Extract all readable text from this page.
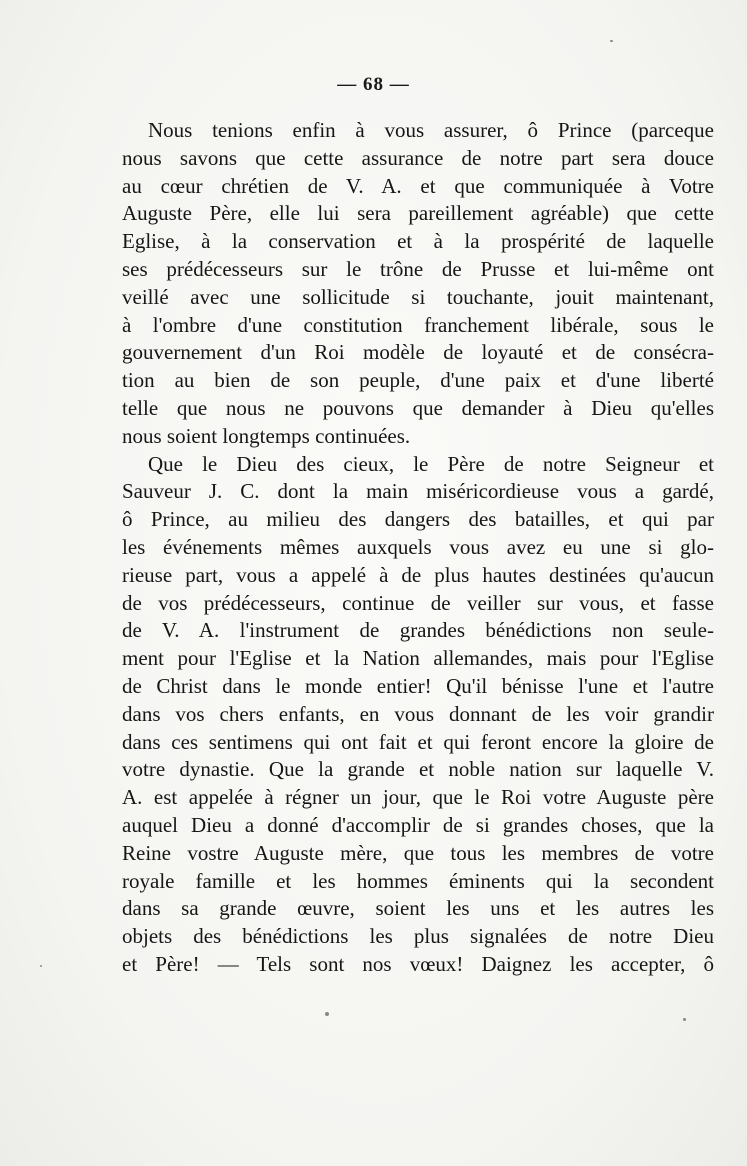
— 68 —
Nous tenions enfin à vous assurer, ô Prince (parceque
nous savons que cette assurance de notre part sera douce
au cœur chrétien de V. A. et que communiquée à Votre
Auguste Père, elle lui sera pareillement agréable) que cette
Eglise, à la conservation et à la prospérité de laquelle
ses prédécesseurs sur le trône de Prusse et lui-même ont
veillé avec une sollicitude si touchante, jouit maintenant,
à l'ombre d'une constitution franchement libérale, sous le
gouvernement d'un Roi modèle de loyauté et de consécra-
tion au bien de son peuple, d'une paix et d'une liberté
telle que nous ne pouvons que demander à Dieu qu'elles
nous soient longtemps continuées.
Que le Dieu des cieux, le Père de notre Seigneur et
Sauveur J. C. dont la main miséricordieuse vous a gardé,
ô Prince, au milieu des dangers des batailles, et qui par
les événements mêmes auxquels vous avez eu une si glo-
rieuse part, vous a appelé à de plus hautes destinées qu'aucun
de vos prédécesseurs, continue de veiller sur vous, et fasse
de V. A. l'instrument de grandes bénédictions non seule-
ment pour l'Eglise et la Nation allemandes, mais pour l'Eglise
de Christ dans le monde entier! Qu'il bénisse l'une et l'autre
dans vos chers enfants, en vous donnant de les voir grandir
dans ces sentimens qui ont fait et qui feront encore la gloire de
votre dynastie. Que la grande et noble nation sur laquelle V.
A. est appelée à régner un jour, que le Roi votre Auguste père
auquel Dieu a donné d'accomplir de si grandes choses, que la
Reine vostre Auguste mère, que tous les membres de votre
royale famille et les hommes éminents qui la secondent
dans sa grande œuvre, soient les uns et les autres les
objets des bénédictions les plus signalées de notre Dieu
et Père! — Tels sont nos vœux! Daignez les accepter, ô
